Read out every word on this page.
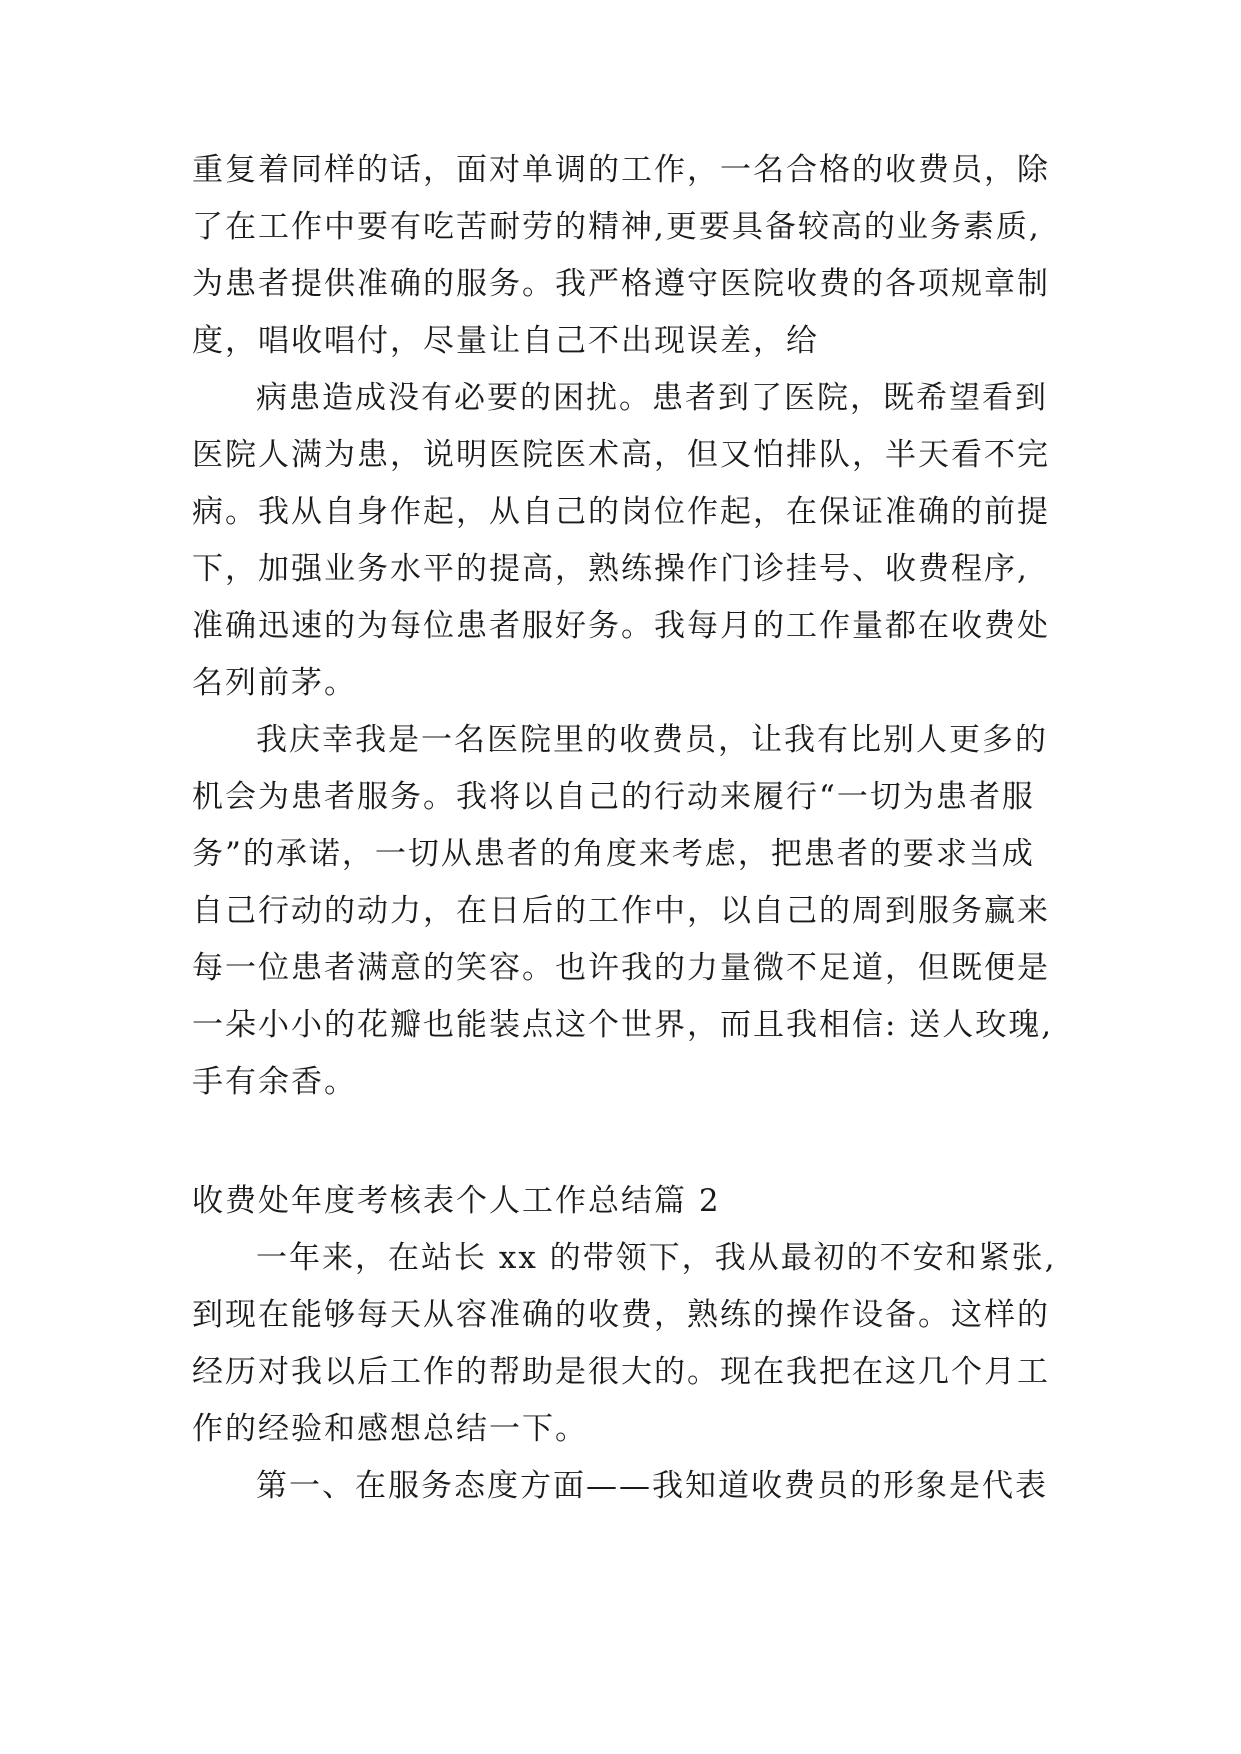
重复着同样的话，面对单调的工作，一名合格的收费员，除
了在工作中要有吃苦耐劳的精神,更要具备较高的业务素质,
为患者提供准确的服务。我严格遵守医院收费的各项规章制
度，唱收唱付，尽量让自己不出现误差，给
病患造成没有必要的困扰。患者到了医院，既希望看到
医院人满为患，说明医院医术高，但又怕排队，半天看不完
病。我从自身作起，从自己的岗位作起，在保证准确的前提
下，加强业务水平的提高，熟练操作门诊挂号、收费程序,
准确迅速的为每位患者服好务。我每月的工作量都在收费处
名列前茅。
我庆幸我是一名医院里的收费员，让我有比别人更多的
机会为患者服务。我将以自己的行动来履行“一切为患者服
务”的承诺，一切从患者的角度来考虑，把患者的要求当成
自己行动的动力，在日后的工作中，以自己的周到服务赢来
每一位患者满意的笑容。也许我的力量微不足道，但既便是
一朵小小的花瓣也能装点这个世界，而且我相信: 送人玫瑰,
手有余香。
收费处年度考核表个人工作总结篇 2
一年来，在站长 xx 的带领下，我从最初的不安和紧张,
到现在能够每天从容准确的收费，熟练的操作设备。这样的
经历对我以后工作的帮助是很大的。现在我把在这几个月工
作的经验和感想总结一下。
第一、在服务态度方面——我知道收费员的形象是代表
